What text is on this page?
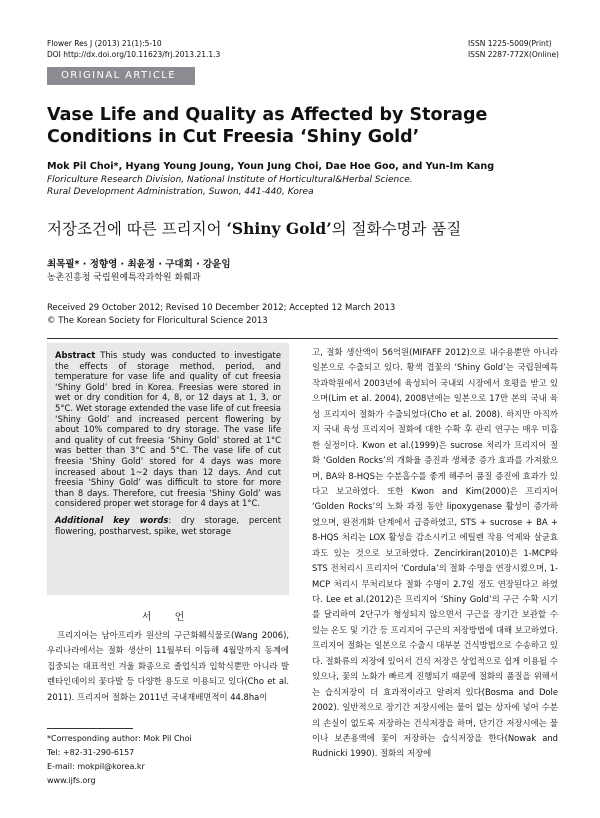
Flower Res J (2013) 21(1):5-10
DOI http://dx.doi.org/10.11623/frj.2013.21.1.3
ISSN 1225-5009(Print)
ISSN 2287-772X(Online)
ORIGINAL ARTICLE
Vase Life and Quality as Affected by Storage Conditions in Cut Freesia ‘Shiny Gold’
Mok Pil Choi*, Hyang Young Joung, Youn Jung Choi, Dae Hoe Goo, and Yun-Im Kang
Floriculture Research Division, National Institute of Horticultural&Herbal Science.
Rural Development Administration, Suwon, 441-440, Korea
저장조건에 따른 프리지어 ‘Shiny Gold’의 절화수명과 품질
최목필* · 정향영 · 최윤정 · 구대회 · 강윤임
농촌진흥청 국립원예특작과학원 화훼과
Received 29 October 2012; Revised 10 December 2012; Accepted 12 March 2013
© The Korean Society for Floricultural Science 2013

Abstract This study was conducted to investigate the effects of storage method, period, and temperature for vase life and quality of cut freesia ‘Shiny Gold’ bred in Korea. Freesias were stored in wet or dry condition for 4, 8, or 12 days at 1, 3, or 5°C. Wet storage extended the vase life of cut freesia ‘Shiny Gold’ and increased percent flowering by about 10% compared to dry storage. The vase life and quality of cut freesia ‘Shiny Gold’ stored at 1°C was better than 3°C and 5°C. The vase life of cut freesia ‘Shiny Gold’ stored for 4 days was more increased about 1~2 days than 12 days. And cut freesia ‘Shiny Gold’ was difficult to store for more than 8 days. Therefore, cut freesia ‘Shiny Gold’ was considered proper wet storage for 4 days at 1°C.

Additional key words: dry storage, percent flowering, postharvest, spike, wet storage

서 언
프리지어는 남아프리카 원산의 구근화훼식물로(Wang 2006), 우리나라에서는 절화 생산이 11월부터 이듬해 4월말까지 동계에 집중되는 대표적인 겨울 화종으로 졸업식과 입학식뿐만 아니라 발렌타인데이의 꽃다발 등 다양한 용도로 이용되고 있다(Cho et al. 2011). 프리지어 절화는 2011년 국내재배면적이 44.8ha이
*Corresponding author: Mok Pil Choi
Tel: +82-31-290-6157
E-mail: mokpil@korea.kr
www.ijfs.org
고, 절화 생산액이 56억원(MIFAFF 2012)으로 내수용뿐만 아니라 일본으로 수출되고 있다. 황색 겹꽃의 ‘Shiny Gold’는 국립원예특작과학원에서 2003년에 육성되어 국내외 시장에서 호평을 받고 있으며(Lim et al. 2004), 2008년에는 일본으로 17만 본의 국내 육성 프리지어 절화가 수출되었다(Cho et al. 2008). 하지만 아직까지 국내 육성 프리지어 절화에 대한 수확 후 관리 연구는 매우 미흡한 실정이다. Kwon et al.(1999)은 sucrose 처리가 프리지어 절화 ‘Golden Rocks’의 개화율 증진과 생체중 증가 효과를 가져왔으며, BA와 8-HQS는 수분흡수를 좋게 해주어 품질 증진에 효과가 있다고 보고하였다. 또한 Kwon and Kim(2000)은 프리지어 ‘Golden Rocks’의 노화 과정 동안 lipoxygenase 활성이 증가하였으며, 완전개화 단계에서 급증하였고, STS + sucrose + BA + 8-HQS 처리는 LOX 활성을 감소시키고 에틸렌 작용 억제와 살균효과도 있는 것으로 보고하였다. Zencirkiran(2010)은 1-MCP와 STS 전처리시 프리지어 ‘Cordula’의 절화 수명을 연장시켰으며, 1-MCP 처리시 무처리보다 절화 수명이 2.7일 정도 연장된다고 하였다. Lee et al.(2012)은 프리지어 ‘Shiny Gold’의 구근 수확 시기를 달리하여 2단구가 형성되지 않으면서 구근을 장기간 보관할 수 있는 온도 및 기간 등 프리지어 구근의 저장방법에 대해 보고하였다. 프리지어 절화는 일본으로 수출시 대부분 건식방법으로 수송하고 있다. 절화류의 저장에 있어서 건식 저장은 상업적으로 쉽게 이용될 수 있으나, 꽃의 노화가 빠르게 진행되기 때문에 절화의 품질을 위해서는 습식저장이 더 효과적이라고 알려져 있다(Bosma and Dole 2002). 일반적으로 장기간 저장시에는 물이 없는 상자에 넣어 수분의 손실이 없도록 저장하는 건식저장을 하며, 단기간 저장시에는 물이나 보존용액에 꽃이 저장하는 습식저장을 한다(Nowak and Rudnicki 1990). 절화의 저장에
